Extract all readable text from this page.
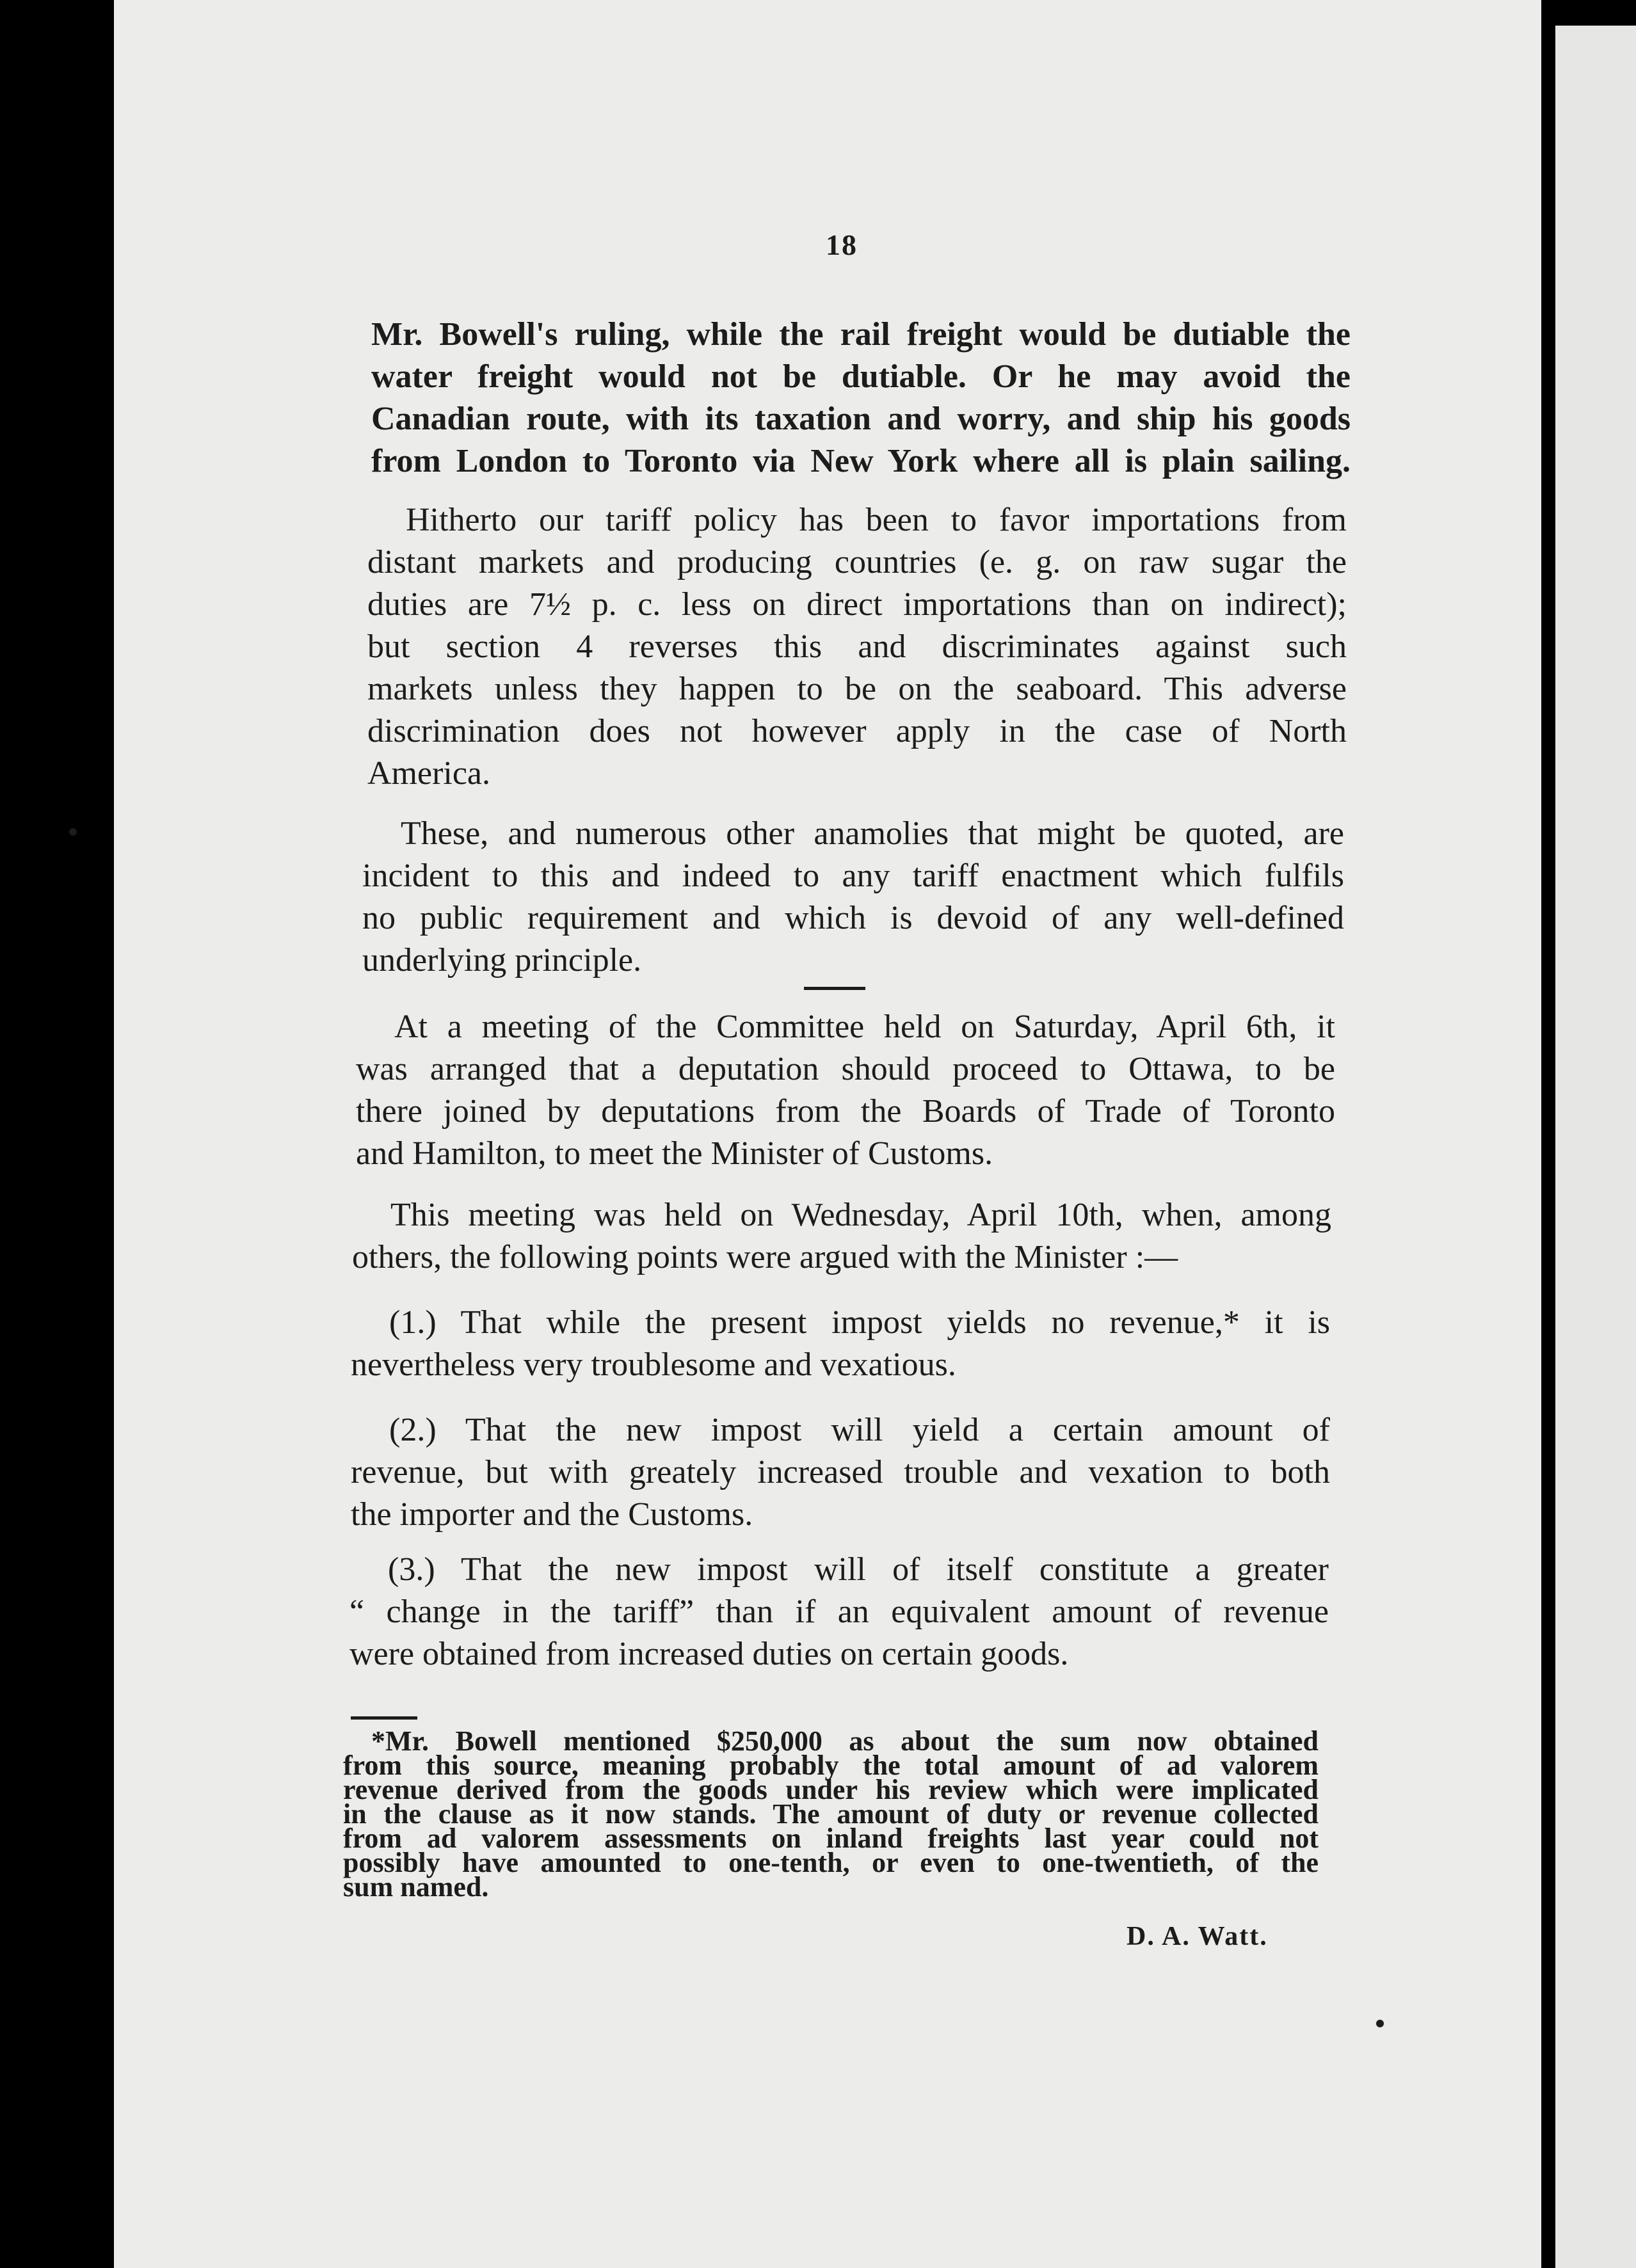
18
Mr. Bowell's ruling, while the rail freight would be dutiable the
water freight would not be dutiable. Or he may avoid the
Canadian route, with its taxation and worry, and ship his goods
from London to Toronto via New York where all is plain sailing.
Hitherto our tariff policy has been to favor importations from
distant markets and producing countries (e. g. on raw sugar the
duties are 7½ p. c. less on direct importations than on indirect);
but section 4 reverses this and discriminates against such
markets unless they happen to be on the seaboard. This adverse
discrimination does not however apply in the case of North
America.
These, and numerous other anamolies that might be quoted, are
incident to this and indeed to any tariff enactment which fulfils
no public requirement and which is devoid of any well-defined
underlying principle.
At a meeting of the Committee held on Saturday, April 6th, it
was arranged that a deputation should proceed to Ottawa, to be
there joined by deputations from the Boards of Trade of Toronto
and Hamilton, to meet the Minister of Customs.
This meeting was held on Wednesday, April 10th, when, among
others, the following points were argued with the Minister :—
(1.) That while the present impost yields no revenue,* it is
nevertheless very troublesome and vexatious.
(2.) That the new impost will yield a certain amount of
revenue, but with greately increased trouble and vexation to both
the importer and the Customs.
(3.) That the new impost will of itself constitute a greater
“ change in the tariff” than if an equivalent amount of revenue
were obtained from increased duties on certain goods.
*Mr. Bowell mentioned $250,000 as about the sum now obtained
from this source, meaning probably the total amount of ad valorem
revenue derived from the goods under his review which were implicated
in the clause as it now stands. The amount of duty or revenue collected
from ad valorem assessments on inland freights last year could not
possibly have amounted to one-tenth, or even to one-twentieth, of the
sum named.
D. A. Watt.
